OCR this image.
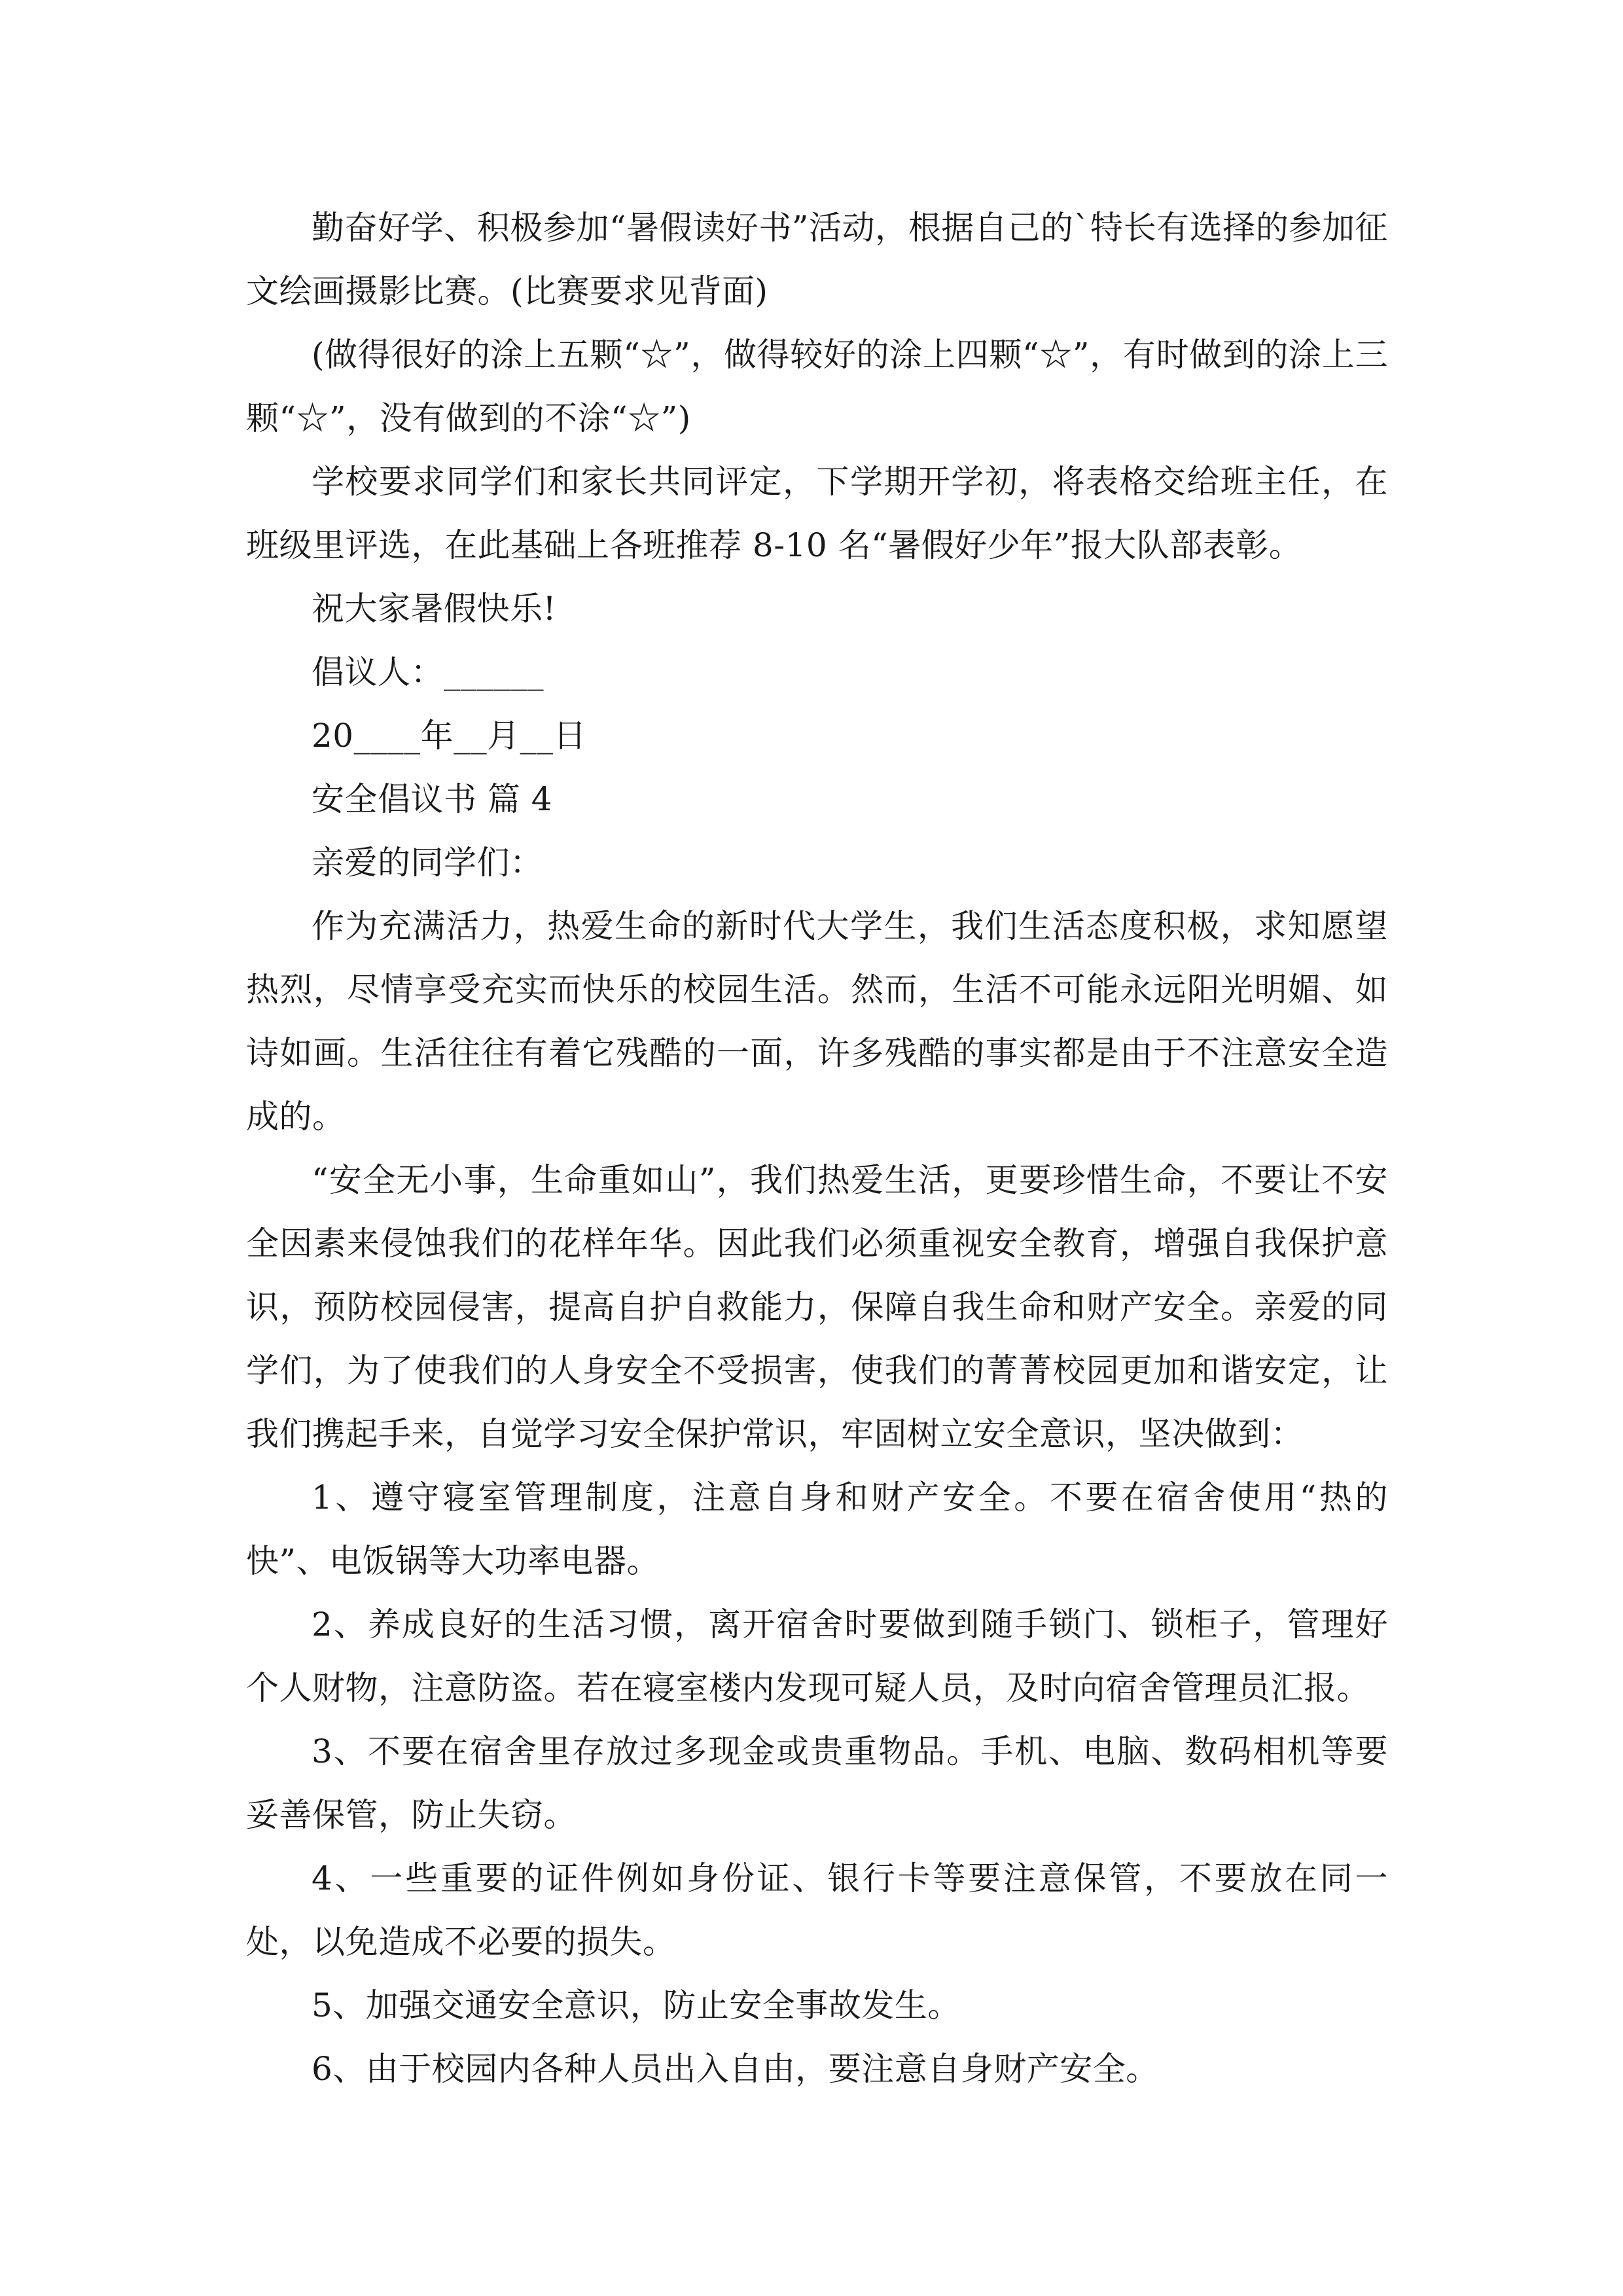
勤奋好学、积极参加“暑假读好书”活动，根据自己的`特长有选择的参加征文绘画摄影比赛。(比赛要求见背面)

(做得很好的涂上五颗“☆”，做得较好的涂上四颗“☆”，有时做到的涂上三颗“☆”，没有做到的不涂“☆”)

学校要求同学们和家长共同评定，下学期开学初，将表格交给班主任，在班级里评选，在此基础上各班推荐 8-10 名“暑假好少年”报大队部表彰。

祝大家暑假快乐!

倡议人：______

20____年__月__日

安全倡议书 篇 4

亲爱的同学们：

作为充满活力，热爱生命的新时代大学生，我们生活态度积极，求知愿望热烈，尽情享受充实而快乐的校园生活。然而，生活不可能永远阳光明媚、如诗如画。生活往往有着它残酷的一面，许多残酷的事实都是由于不注意安全造成的。

“安全无小事，生命重如山”，我们热爱生活，更要珍惜生命，不要让不安全因素来侵蚀我们的花样年华。因此我们必须重视安全教育，增强自我保护意识，预防校园侵害，提高自护自救能力，保障自我生命和财产安全。亲爱的同学们，为了使我们的人身安全不受损害，使我们的菁菁校园更加和谐安定，让我们携起手来，自觉学习安全保护常识，牢固树立安全意识，坚决做到：

1、遵守寝室管理制度，注意自身和财产安全。不要在宿舍使用“热的快”、电饭锅等大功率电器。

2、养成良好的生活习惯，离开宿舍时要做到随手锁门、锁柜子，管理好个人财物，注意防盗。若在寝室楼内发现可疑人员，及时向宿舍管理员汇报。

3、不要在宿舍里存放过多现金或贵重物品。手机、电脑、数码相机等要妥善保管，防止失窃。

4、一些重要的证件例如身份证、银行卡等要注意保管，不要放在同一处，以免造成不必要的损失。

5、加强交通安全意识，防止安全事故发生。

6、由于校园内各种人员出入自由，要注意自身财产安全。
